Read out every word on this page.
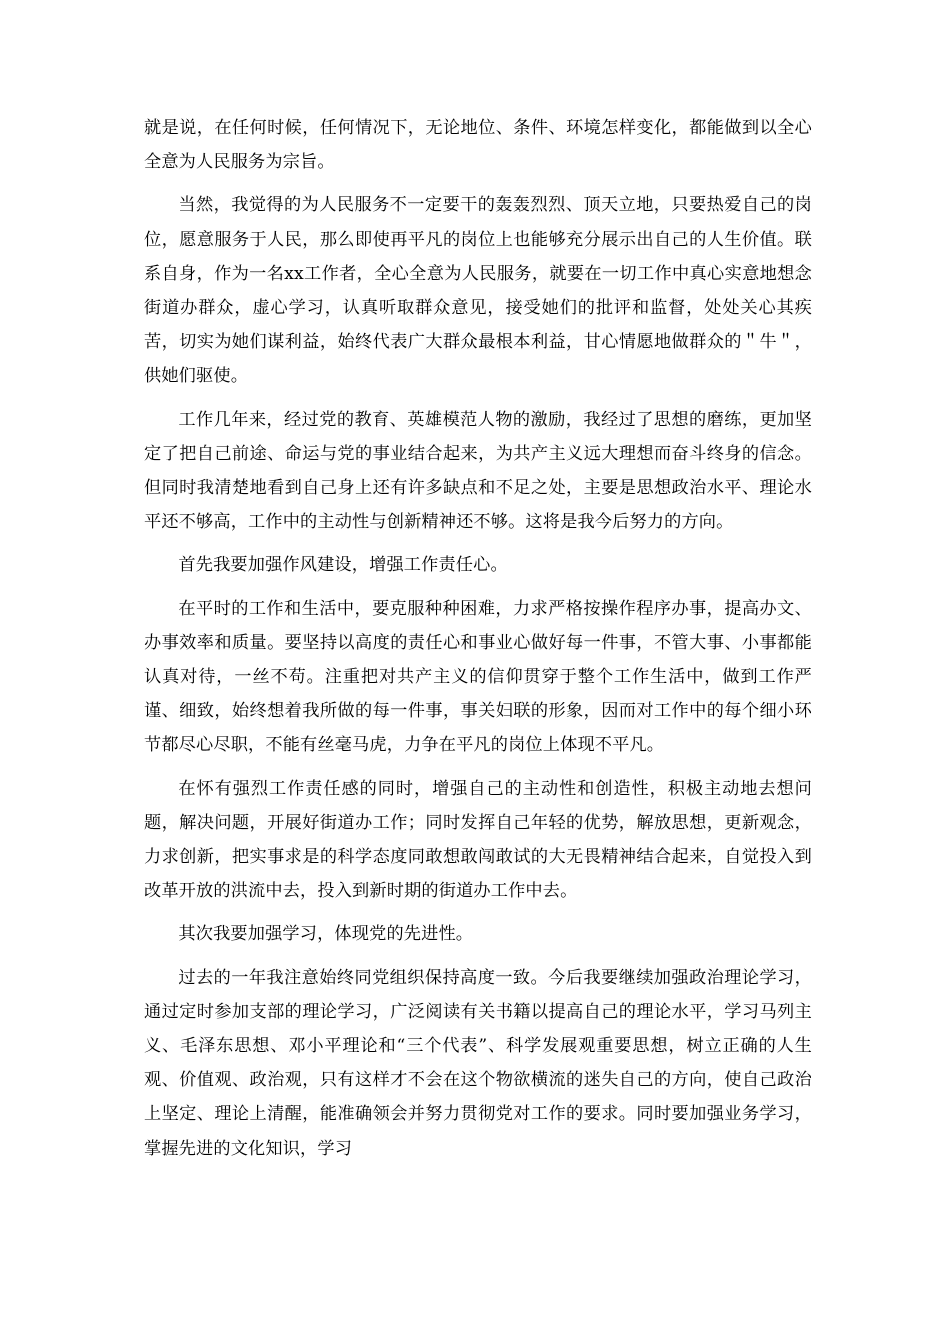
就是说，在任何时候，任何情况下，无论地位、条件、环境怎样变化，都能做到以全心全意为人民服务为宗旨。

当然，我觉得的为人民服务不一定要干的轰轰烈烈、顶天立地，只要热爱自己的岗位，愿意服务于人民，那么即使再平凡的岗位上也能够充分展示出自己的人生价值。联系自身，作为一名xx工作者，全心全意为人民服务，就要在一切工作中真心实意地想念街道办群众，虚心学习，认真听取群众意见，接受她们的批评和监督，处处关心其疾苦，切实为她们谋利益，始终代表广大群众最根本利益，甘心情愿地做群众的＂牛＂，供她们驱使。

工作几年来，经过党的教育、英雄模范人物的激励，我经过了思想的磨练，更加坚定了把自己前途、命运与党的事业结合起来，为共产主义远大理想而奋斗终身的信念。但同时我清楚地看到自己身上还有许多缺点和不足之处，主要是思想政治水平、理论水平还不够高，工作中的主动性与创新精神还不够。这将是我今后努力的方向。

首先我要加强作风建设，增强工作责任心。

在平时的工作和生活中，要克服种种困难，力求严格按操作程序办事，提高办文、办事效率和质量。要坚持以高度的责任心和事业心做好每一件事，不管大事、小事都能认真对待，一丝不苟。注重把对共产主义的信仰贯穿于整个工作生活中，做到工作严谨、细致，始终想着我所做的每一件事，事关妇联的形象，因而对工作中的每个细小环节都尽心尽职，不能有丝毫马虎，力争在平凡的岗位上体现不平凡。

在怀有强烈工作责任感的同时，增强自己的主动性和创造性，积极主动地去想问题，解决问题，开展好街道办工作；同时发挥自己年轻的优势，解放思想，更新观念，力求创新，把实事求是的科学态度同敢想敢闯敢试的大无畏精神结合起来，自觉投入到改革开放的洪流中去，投入到新时期的街道办工作中去。

其次我要加强学习，体现党的先进性。

过去的一年我注意始终同党组织保持高度一致。今后我要继续加强政治理论学习，通过定时参加支部的理论学习，广泛阅读有关书籍以提高自己的理论水平，学习马列主义、毛泽东思想、邓小平理论和“三个代表”、科学发展观重要思想，树立正确的人生观、价值观、政治观，只有这样才不会在这个物欲横流的迷失自己的方向，使自己政治上坚定、理论上清醒，能准确领会并努力贯彻党对工作的要求。同时要加强业务学习，掌握先进的文化知识，学习
